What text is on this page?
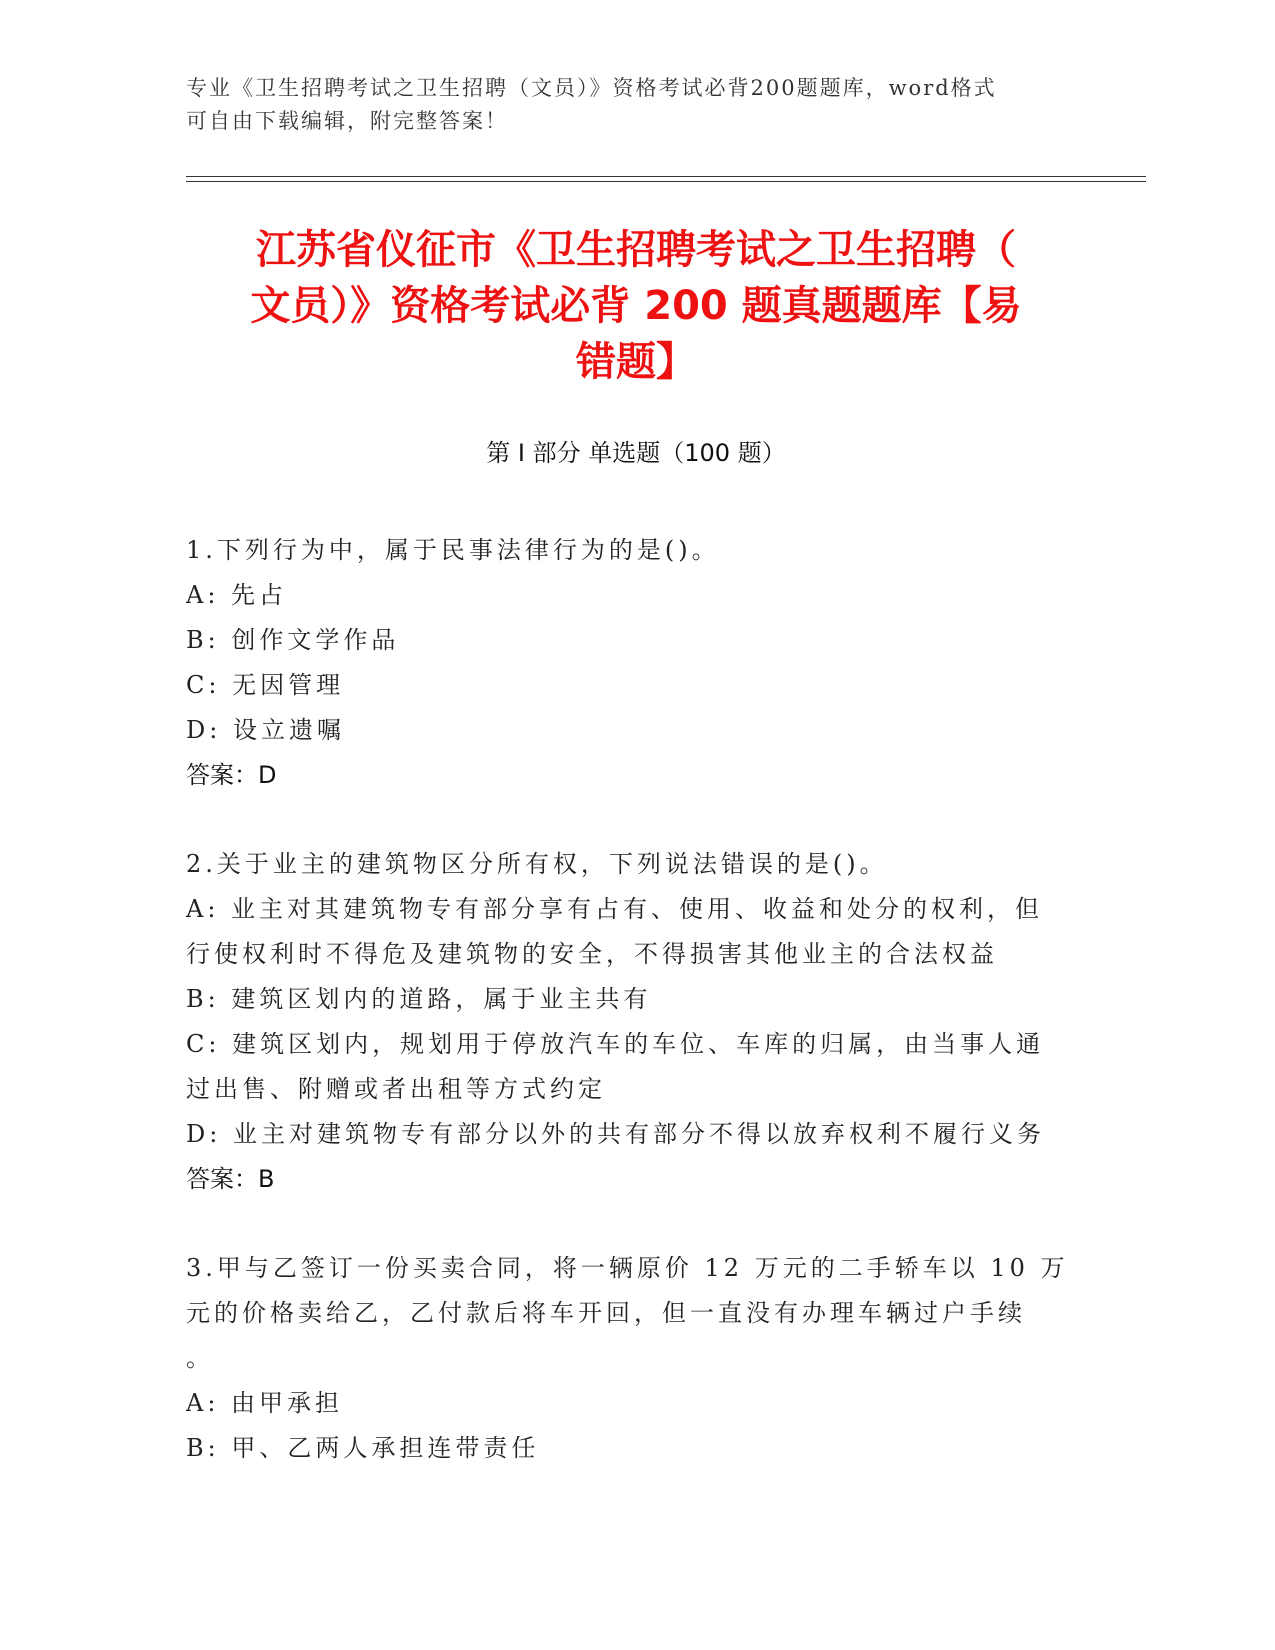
专业《卫生招聘考试之卫生招聘（文员）》资格考试必背200题题库，word格式
可自由下载编辑，附完整答案！
江苏省仪征市《卫生招聘考试之卫生招聘（
文员）》资格考试必背 200 题真题题库【易
错题】
第 I 部分 单选题（100 题）
1.下列行为中，属于民事法律行为的是()。
A: 先占
B: 创作文学作品
C: 无因管理
D: 设立遗嘱
答案：D
2.关于业主的建筑物区分所有权，下列说法错误的是()。
A: 业主对其建筑物专有部分享有占有、使用、收益和处分的权利，但
行使权利时不得危及建筑物的安全，不得损害其他业主的合法权益
B: 建筑区划内的道路，属于业主共有
C: 建筑区划内，规划用于停放汽车的车位、车库的归属，由当事人通
过出售、附赠或者出租等方式约定
D: 业主对建筑物专有部分以外的共有部分不得以放弃权利不履行义务
答案：B
3.甲与乙签订一份买卖合同，将一辆原价 12 万元的二手轿车以 10 万
元的价格卖给乙，乙付款后将车开回，但一直没有办理车辆过户手续
。
A: 由甲承担
B: 甲、乙两人承担连带责任
